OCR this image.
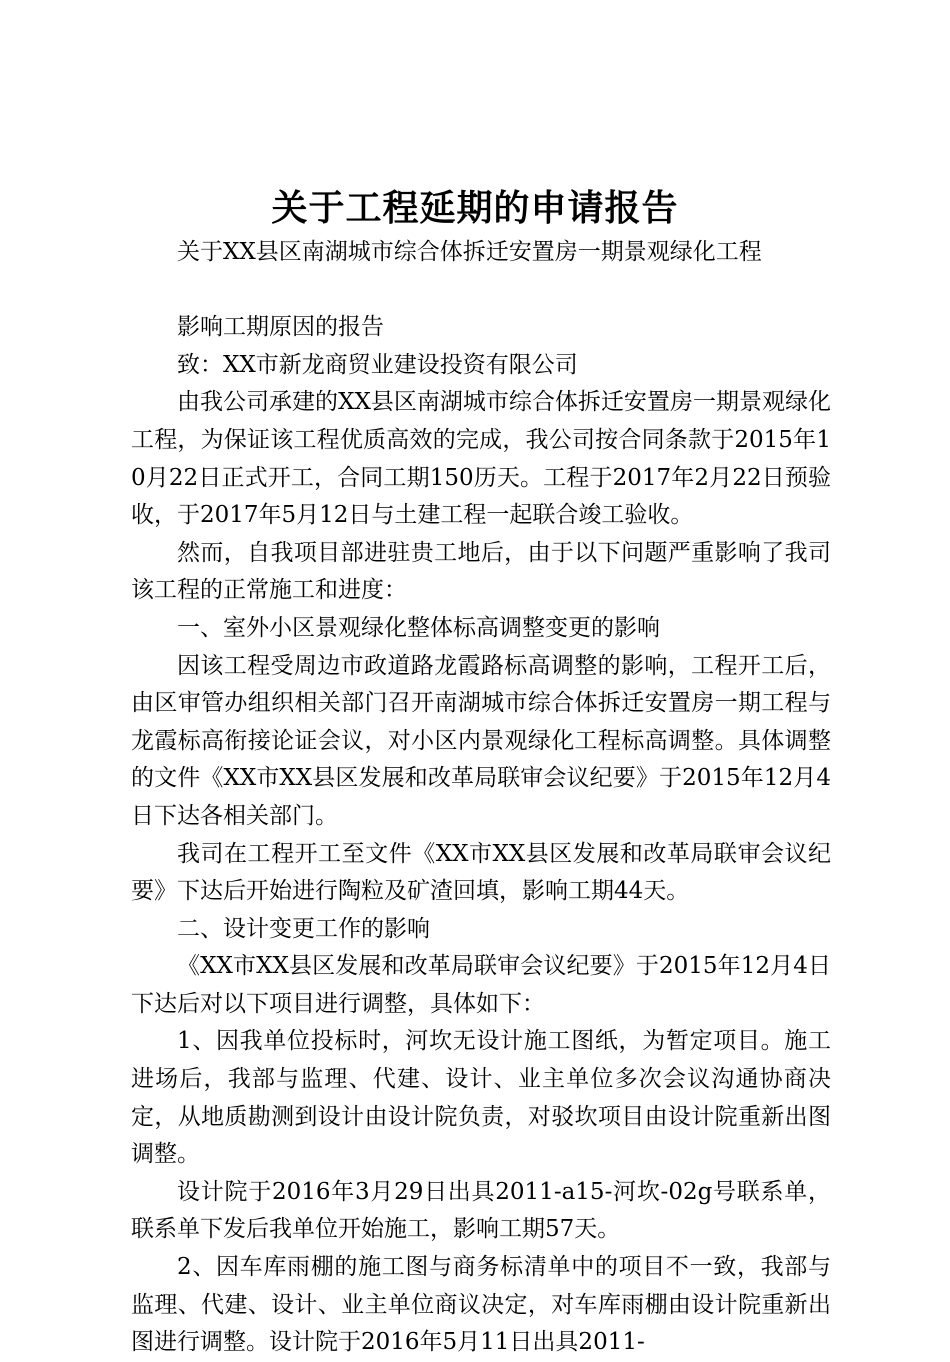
关于工程延期的申请报告

关于XX县区南湖城市综合体拆迁安置房一期景观绿化工程

影响工期原因的报告

致：XX市新龙商贸业建设投资有限公司

由我公司承建的XX县区南湖城市综合体拆迁安置房一期景观绿化工程，为保证该工程优质高效的完成，我公司按合同条款于2015年10月22日正式开工，合同工期150历天。工程于2017年2月22日预验收，于2017年5月12日与土建工程一起联合竣工验收。

然而，自我项目部进驻贵工地后，由于以下问题严重影响了我司该工程的正常施工和进度：

一、室外小区景观绿化整体标高调整变更的影响

因该工程受周边市政道路龙霞路标高调整的影响，工程开工后，由区审管办组织相关部门召开南湖城市综合体拆迁安置房一期工程与龙霞标高衔接论证会议，对小区内景观绿化工程标高调整。具体调整的文件《XX市XX县区发展和改革局联审会议纪要》于2015年12月4日下达各相关部门。

我司在工程开工至文件《XX市XX县区发展和改革局联审会议纪要》下达后开始进行陶粒及矿渣回填，影响工期44天。

二、设计变更工作的影响

《XX市XX县区发展和改革局联审会议纪要》于2015年12月4日下达后对以下项目进行调整，具体如下：

1、因我单位投标时，河坎无设计施工图纸，为暂定项目。施工进场后，我部与监理、代建、设计、业主单位多次会议沟通协商决定，从地质勘测到设计由设计院负责，对驳坎项目由设计院重新出图调整。

设计院于2016年3月29日出具2011-a15-河坎-02g号联系单，联系单下发后我单位开始施工，影响工期57天。

2、因车库雨棚的施工图与商务标清单中的项目不一致，我部与监理、代建、设计、业主单位商议决定，对车库雨棚由设计院重新出图进行调整。设计院于2016年5月11日出具2011-
